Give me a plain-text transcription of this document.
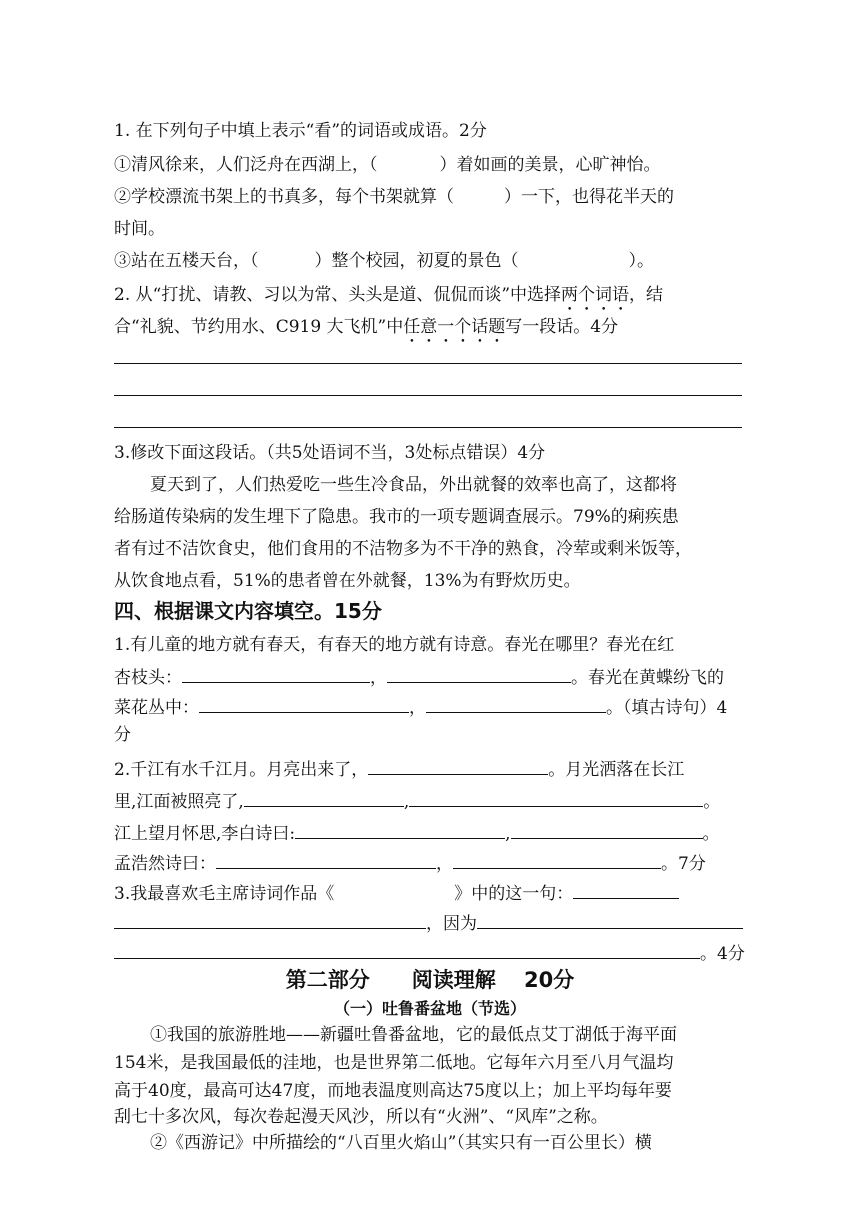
1. 在下列句子中填上表示“看”的词语或成语。2分
①清风徐来，人们泛舟在西湖上，（	）着如画的美景，心旷神怡。
②学校漂流书架上的书真多，每个书架就算（	）一下，也得花半天的
时间。
③站在五楼天台，（	）整个校园，初夏的景色（	）。
2. 从“打扰、请教、习以为常、头头是道、侃侃而谈”中选择两个词语，结
合“礼貌、节约用水、C919 大飞机”中任意一个话题写一段话。4分
3.修改下面这段话。（共5处语词不当，3处标点错误）4分
夏天到了，人们热爱吃一些生冷食品，外出就餐的效率也高了，这都将
给肠道传染病的发生埋下了隐患。我市的一项专题调查展示。79%的痢疾患
者有过不洁饮食史，他们食用的不洁物多为不干净的熟食，冷荤或剩米饭等，
从饮食地点看，51%的患者曾在外就餐，13%为有野炊历史。
四、根据课文内容填空。15分
1.有儿童的地方就有春天，有春天的地方就有诗意。春光在哪里？春光在红
杏枝头：	，	。春光在黄蝶纷飞的
菜花丛中：	，	。（填古诗句）4
分
2.千江有水千江月。月亮出来了，	。月光洒落在长江
里,江面被照亮了,	,	。
江上望月怀思,李白诗曰:	,	。
孟浩然诗曰：	，	。7分
3.我最喜欢毛主席诗词作品《	》中的这一句：
，因为
。4分
第二部分　　阅读理解　 20分
（一）吐鲁番盆地（节选）
①我国的旅游胜地——新疆吐鲁番盆地，它的最低点艾丁湖低于海平面
154米，是我国最低的洼地，也是世界第二低地。它每年六月至八月气温均
高于40度，最高可达47度，而地表温度则高达75度以上；加上平均每年要
刮七十多次风，每次卷起漫天风沙，所以有“火洲”、“风库”之称。
②《西游记》中所描绘的“八百里火焰山”（其实只有一百公里长）横
